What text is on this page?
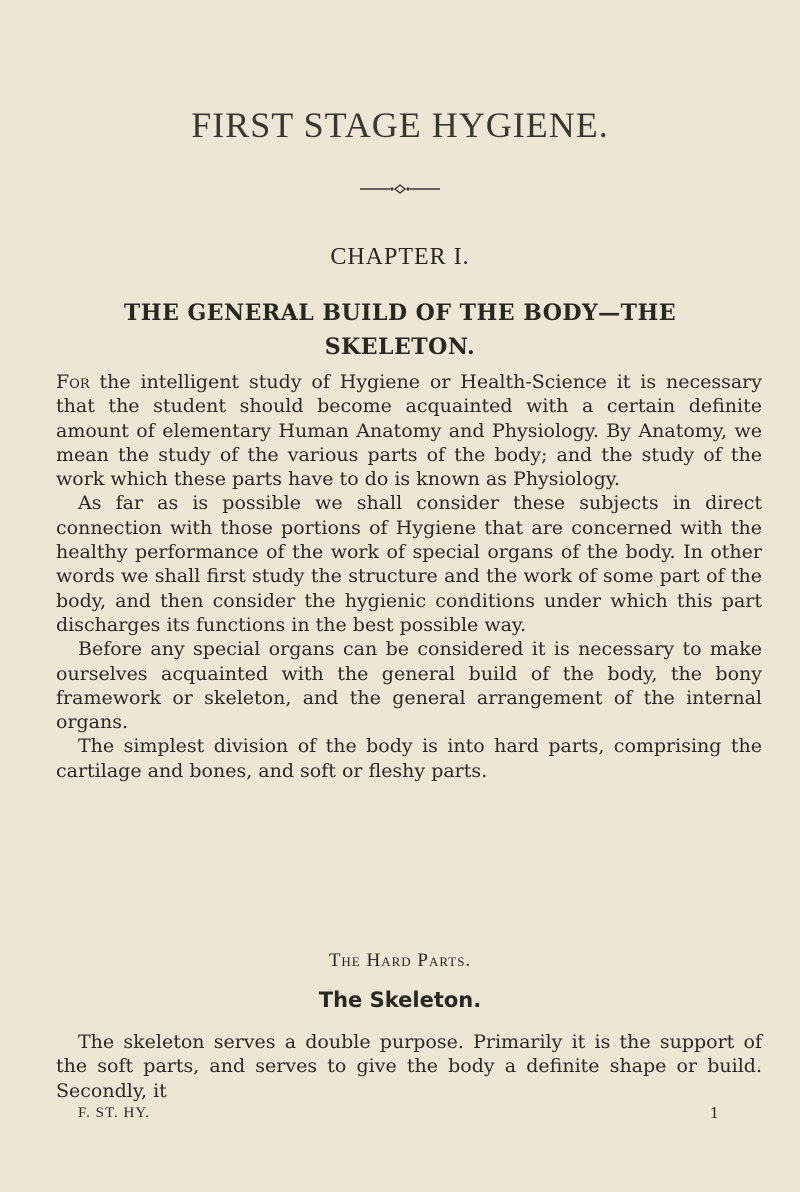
FIRST STAGE HYGIENE.
CHAPTER I.
THE GENERAL BUILD OF THE BODY—THE
SKELETON.

For the intelligent study of Hygiene or Health-Science it is necessary that the student should become acquainted with a certain definite amount of elementary Human Anatomy and Physiology. By Anatomy, we mean the study of the various parts of the body; and the study of the work which these parts have to do is known as Physiology.

As far as is possible we shall consider these subjects in direct connection with those portions of Hygiene that are concerned with the healthy performance of the work of special organs of the body. In other words we shall first study the structure and the work of some part of the body, and then consider the hygienic conditions under which this part discharges its functions in the best possible way.

Before any special organs can be considered it is necessary to make ourselves acquainted with the general build of the body, the bony framework or skeleton, and the general arrangement of the internal organs.

The simplest division of the body is into hard parts, comprising the cartilage and bones, and soft or fleshy parts.

The Hard Parts.
The Skeleton.

The skeleton serves a double purpose. Primarily it is the support of the soft parts, and serves to give the body a definite shape or build. Secondly, it

F. ST. HY.	1
